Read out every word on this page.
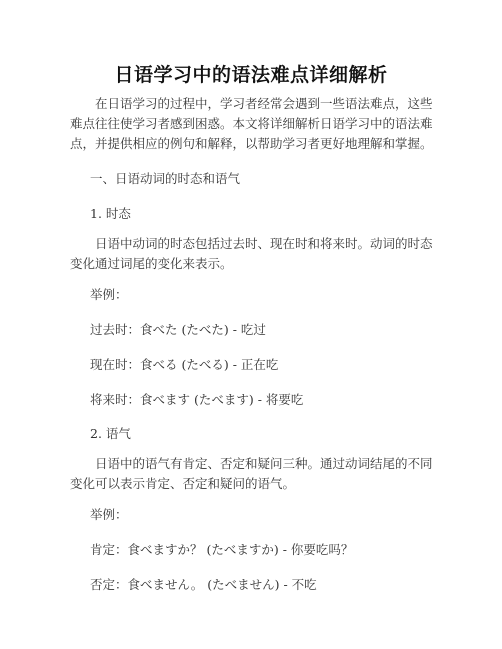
日语学习中的语法难点详细解析

在日语学习的过程中，学习者经常会遇到一些语法难点，这些难点往往使学习者感到困惑。本文将详细解析日语学习中的语法难点，并提供相应的例句和解释，以帮助学习者更好地理解和掌握。

一、日语动词的时态和语气

1. 时态

日语中动词的时态包括过去时、现在时和将来时。动词的时态变化通过词尾的变化来表示。

举例：

过去时：食べた (たべた) - 吃过

现在时：食べる (たべる) - 正在吃

将来时：食べます (たべます) - 将要吃

2. 语气

日语中的语气有肯定、否定和疑问三种。通过动词结尾的不同变化可以表示肯定、否定和疑问的语气。

举例：

肯定：食べますか？ (たべますか) - 你要吃吗？

否定：食べません。 (たべません) - 不吃
